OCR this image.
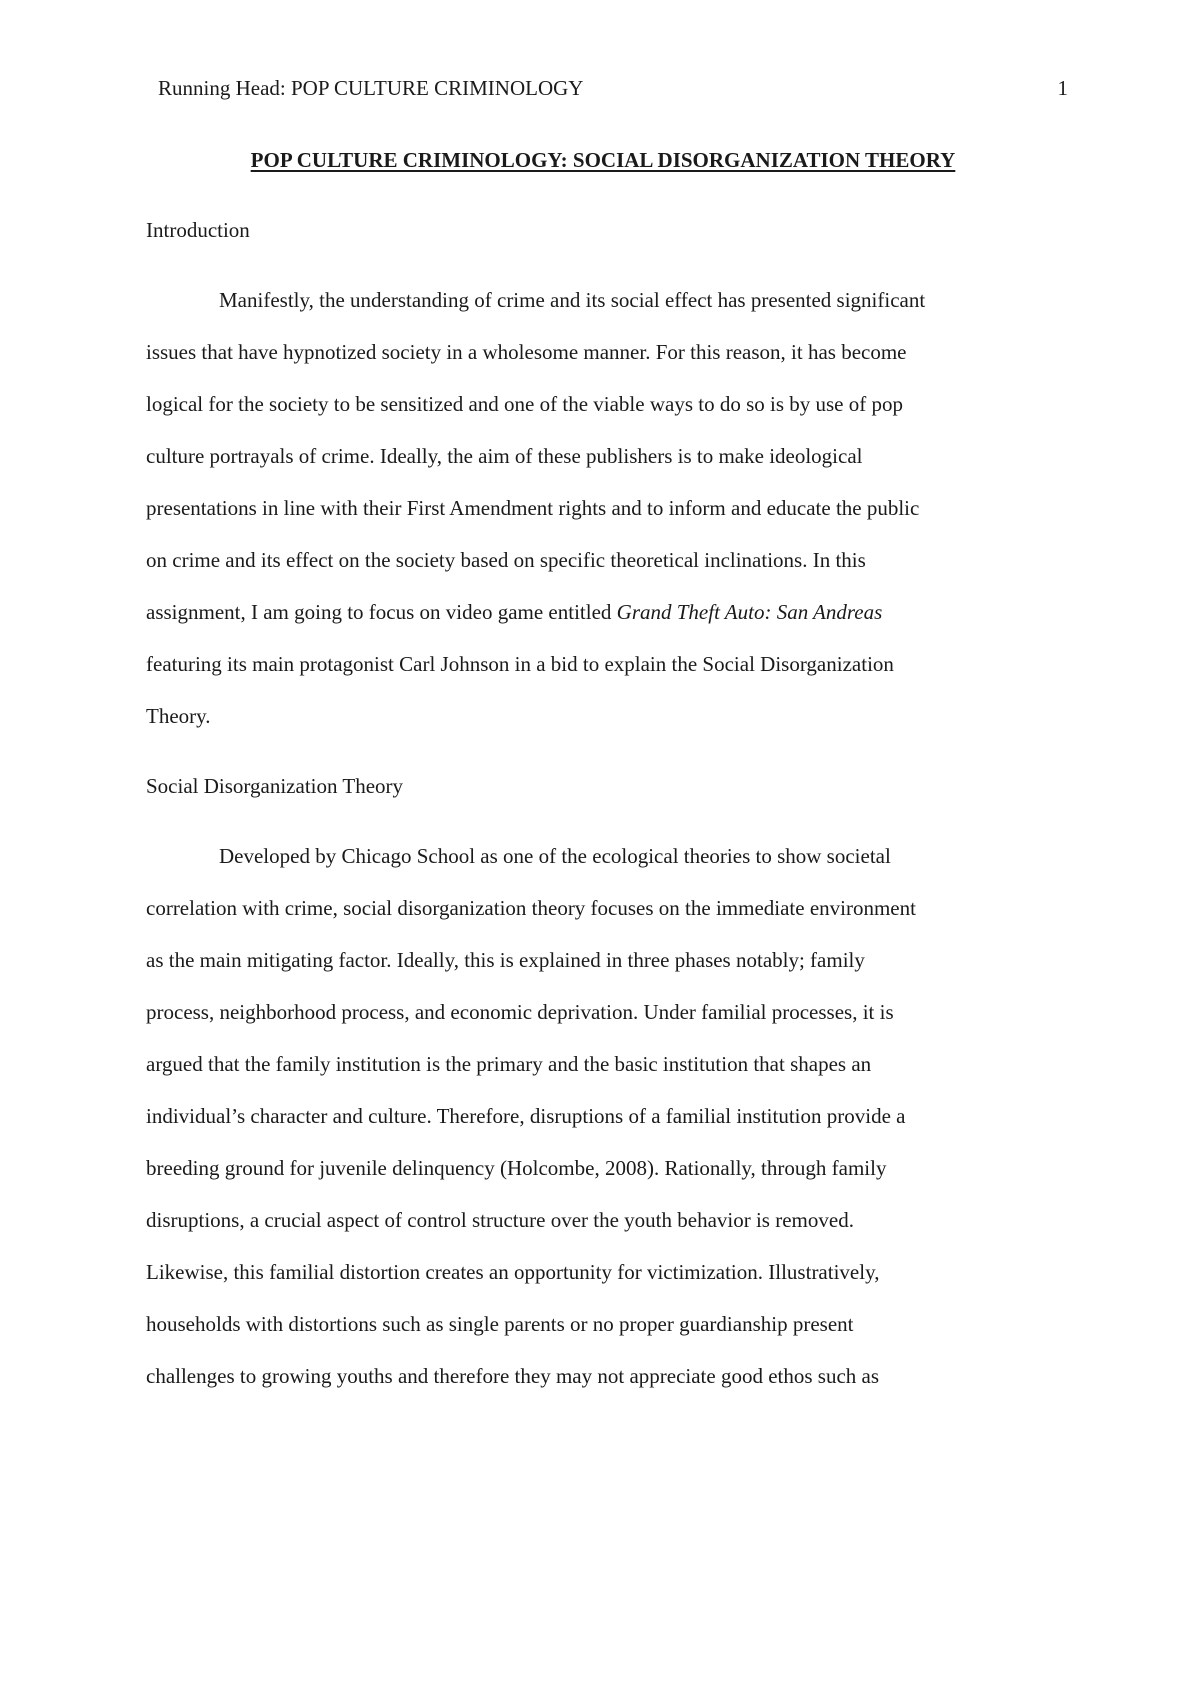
Running Head: POP CULTURE CRIMINOLOGY	1
POP CULTURE CRIMINOLOGY: SOCIAL DISORGANIZATION THEORY
Introduction
Manifestly, the understanding of crime and its social effect has presented significant
issues that have hypnotized society in a wholesome manner. For this reason, it has become
logical for the society to be sensitized and one of the viable ways to do so is by use of pop
culture portrayals of crime. Ideally, the aim of these publishers is to make ideological
presentations in line with their First Amendment rights and to inform and educate the public
on crime and its effect on the society based on specific theoretical inclinations. In this
assignment, I am going to focus on video game entitled Grand Theft Auto: San Andreas
featuring its main protagonist Carl Johnson in a bid to explain the Social Disorganization
Theory.
Social Disorganization Theory
Developed by Chicago School as one of the ecological theories to show societal
correlation with crime, social disorganization theory focuses on the immediate environment
as the main mitigating factor. Ideally, this is explained in three phases notably; family
process, neighborhood process, and economic deprivation. Under familial processes, it is
argued that the family institution is the primary and the basic institution that shapes an
individual’s character and culture. Therefore, disruptions of a familial institution provide a
breeding ground for juvenile delinquency (Holcombe, 2008). Rationally, through family
disruptions, a crucial aspect of control structure over the youth behavior is removed.
Likewise, this familial distortion creates an opportunity for victimization. Illustratively,
households with distortions such as single parents or no proper guardianship present
challenges to growing youths and therefore they may not appreciate good ethos such as
